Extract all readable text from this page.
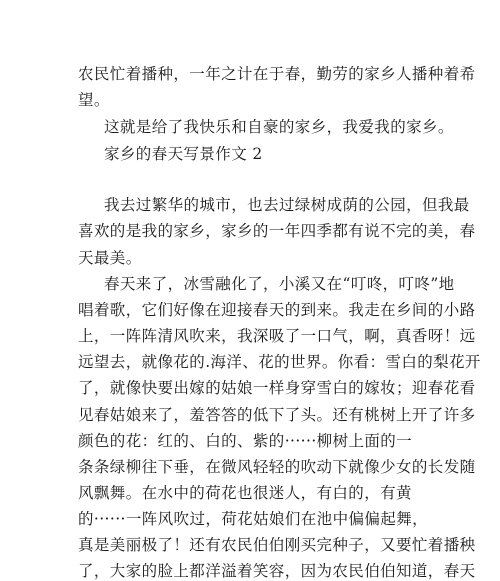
农民忙着播种，一年之计在于春，勤劳的家乡人播种着希
望。
这就是给了我快乐和自豪的家乡，我爱我的家乡。
家乡的春天写景作文 2
我去过繁华的城市，也去过绿树成荫的公园，但我最
喜欢的是我的家乡，家乡的一年四季都有说不完的美，春
天最美。
春天来了，冰雪融化了，小溪又在“叮咚，叮咚”地
唱着歌，它们好像在迎接春天的到来。我走在乡间的小路
上，一阵阵清风吹来，我深吸了一口气，啊，真香呀！远
远望去，就像花的.海洋、花的世界。你看：雪白的梨花开
了，就像快要出嫁的姑娘一样身穿雪白的嫁妆；迎春花看
见春姑娘来了，羞答答的低下了头。还有桃树上开了许多
颜色的花：红的、白的、紫的······柳树上面的一
条条绿柳往下垂，在微风轻轻的吹动下就像少女的长发随
风飘舞。在水中的荷花也很迷人，有白的，有黄
的······一阵风吹过，荷花姑娘们在池中偏偏起舞，
真是美丽极了！还有农民伯伯刚买完种子，又要忙着播秧
了，大家的脸上都洋溢着笑容，因为农民伯伯知道，春天
